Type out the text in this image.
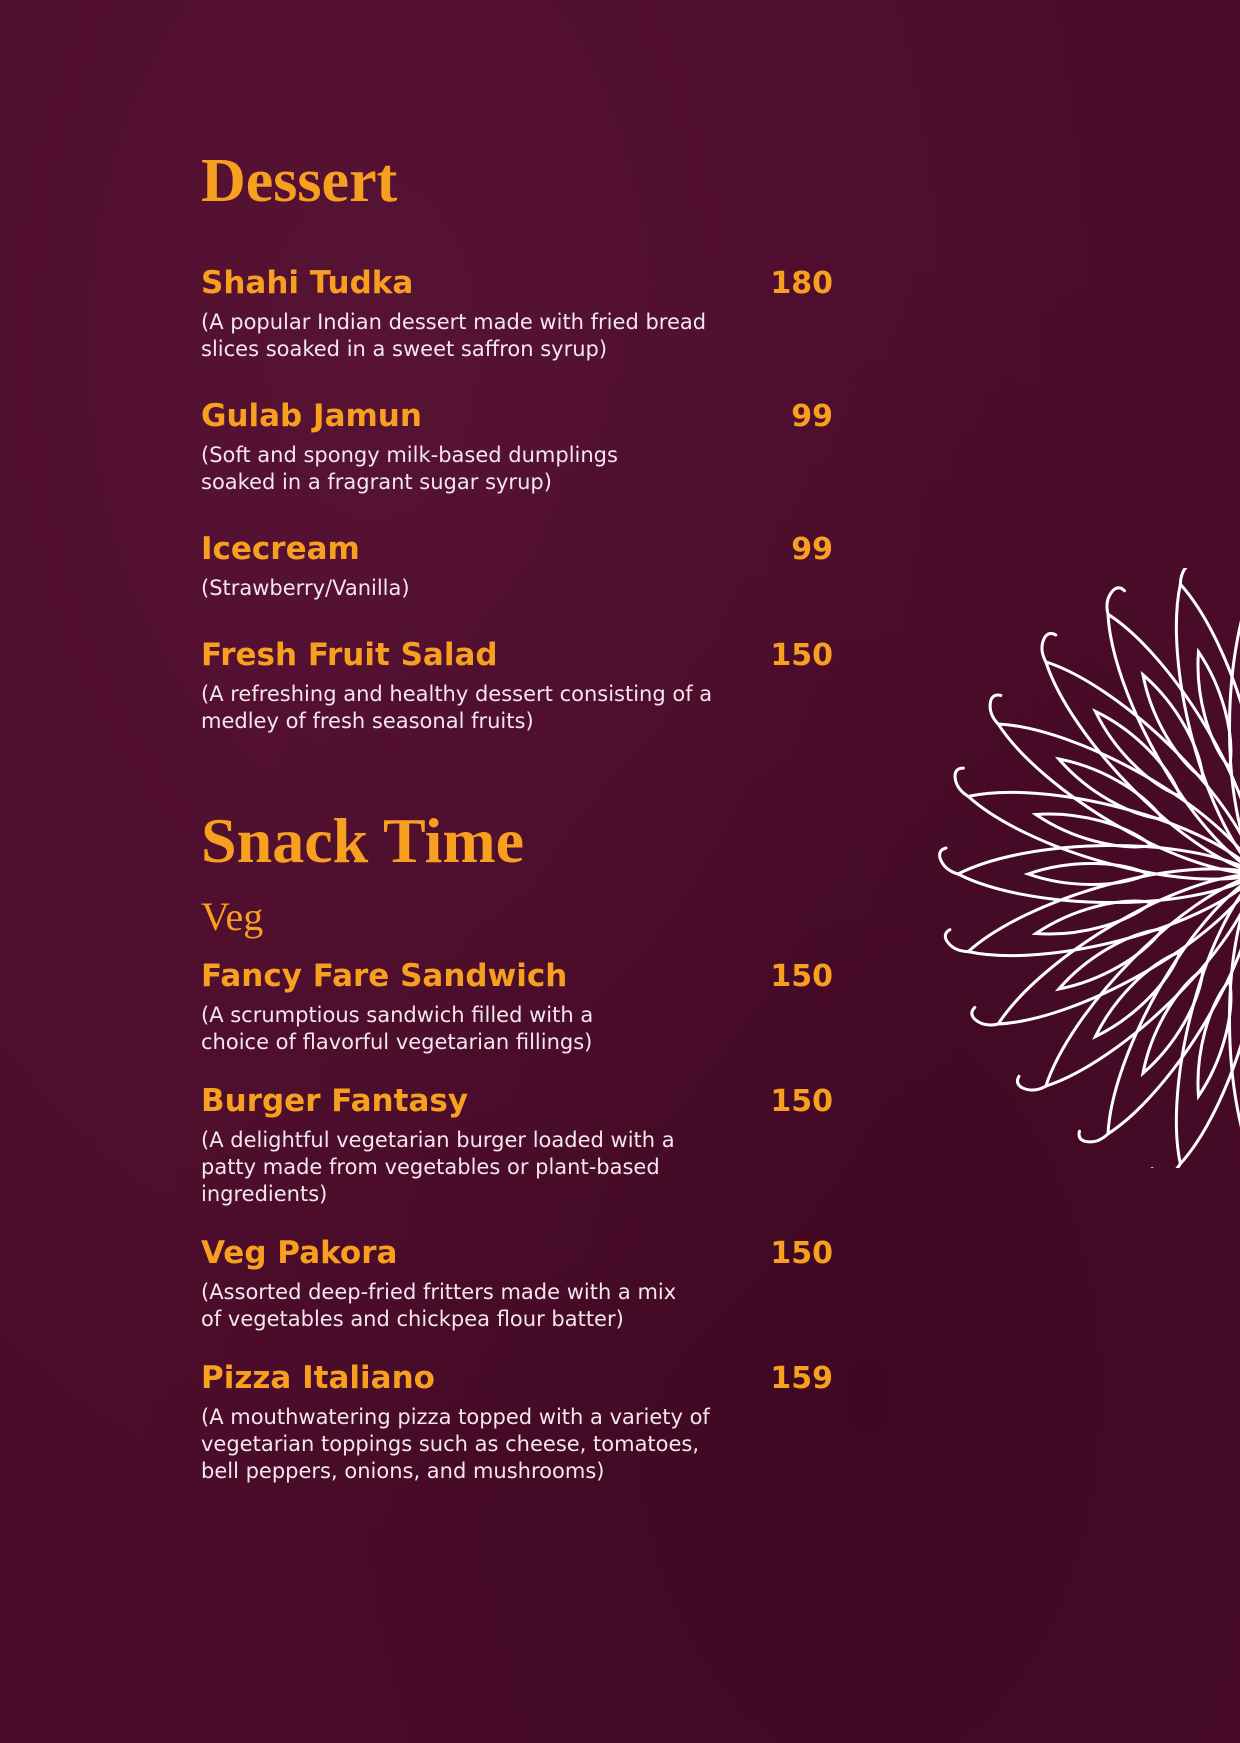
Dessert
Shahi Tudka	180
(A popular Indian dessert made with fried bread
slices soaked in a sweet saffron syrup)
Gulab Jamun	99
(Soft and spongy milk-based dumplings
soaked in a fragrant sugar syrup)
Icecream	99
(Strawberry/Vanilla)
Fresh Fruit Salad	150
(A refreshing and healthy dessert consisting of a
medley of fresh seasonal fruits)
Snack Time
Veg
Fancy Fare Sandwich	150
(A scrumptious sandwich filled with a
choice of flavorful vegetarian fillings)
Burger Fantasy	150
(A delightful vegetarian burger loaded with a
patty made from vegetables or plant-based
ingredients)
Veg Pakora	150
(Assorted deep-fried fritters made with a mix
of vegetables and chickpea flour batter)
Pizza Italiano	159
(A mouthwatering pizza topped with a variety of
vegetarian toppings such as cheese, tomatoes,
bell peppers, onions, and mushrooms)
